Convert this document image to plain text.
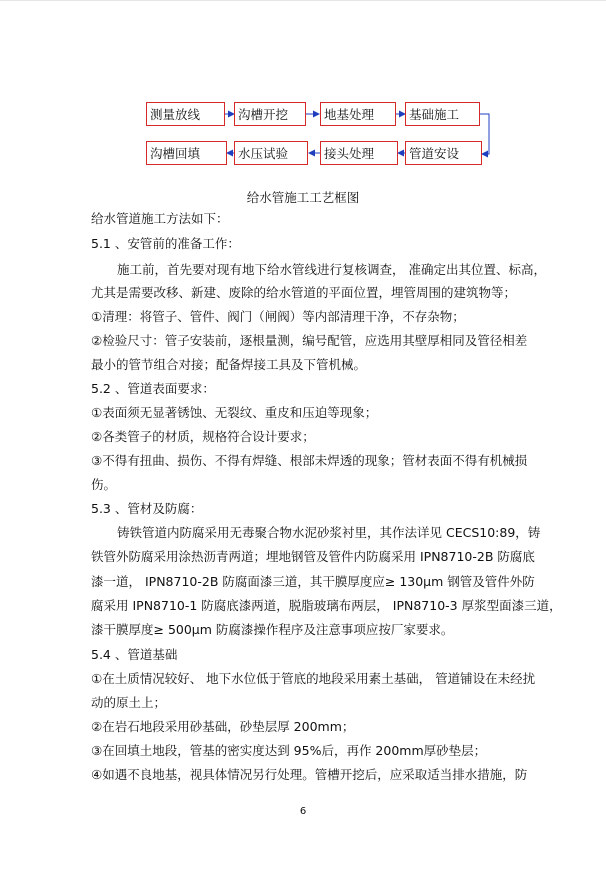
测量放线	沟槽开挖	地基处理	基础施工
沟槽回填	水压试验	接头处理	管道安设
给水管施工工艺框图
给水管道施工方法如下：
5.1 、安管前的准备工作：
施工前，首先要对现有地下给水管线进行复核调查， 准确定出其位置、标高，
尤其是需要改移、新建、废除的给水管道的平面位置，埋管周围的建筑物等；
①清理：将管子、管件、阀门（闸阀）等内部清理干净，不存杂物；
②检验尺寸：管子安装前，逐根量测，编号配管，应选用其壁厚相同及管径相差
最小的管节组合对接；配备焊接工具及下管机械。
5.2 、管道表面要求：
①表面须无显著锈蚀、无裂纹、重皮和压迫等现象；
②各类管子的材质，规格符合设计要求；
③不得有扭曲、损伤、不得有焊缝、根部未焊透的现象；管材表面不得有机械损
伤。
5.3 、管材及防腐：
铸铁管道内防腐采用无毒聚合物水泥砂浆衬里，其作法详见 CECS10:89，铸
铁管外防腐采用涂热沥青两道；埋地钢管及管件内防腐采用 IPN8710-2B 防腐底
漆一道， IPN8710-2B 防腐面漆三道，其干膜厚度应≥ 130μm 钢管及管件外防
腐采用 IPN8710-1 防腐底漆两道，脱脂玻璃布两层， IPN8710-3 厚浆型面漆三道，
漆干膜厚度≥ 500μm 防腐漆操作程序及注意事项应按厂家要求。
5.4 、管道基础
①在土质情况较好、 地下水位低于管底的地段采用素土基础， 管道铺设在未经扰
动的原土上；
②在岩石地段采用砂基础，砂垫层厚 200mm；
③在回填土地段，管基的密实度达到 95%后，再作 200mm厚砂垫层；
④如遇不良地基，视具体情况另行处理。管槽开挖后，应采取适当排水措施，防
6
